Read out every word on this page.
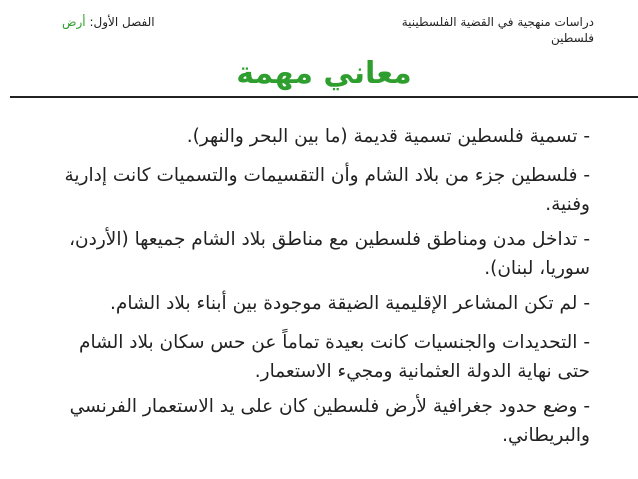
دراسات منهجية في القضية الفلسطينية فلسطين
الفصل الأول: أرض
معاني مهمة
- تسمية فلسطين تسمية قديمة (ما بين البحر والنهر).
- فلسطين جزء من بلاد الشام وأن التقسيمات والتسميات كانت إدارية وفنية.
- تداخل مدن ومناطق فلسطين مع مناطق بلاد الشام جميعها (الأردن، سوريا، لبنان).
- لم تكن المشاعر الإقليمية الضيقة موجودة بين أبناء بلاد الشام.
- التحديدات والجنسيات كانت بعيدة تماماً عن حس سكان بلاد الشام حتى نهاية الدولة العثمانية ومجيء الاستعمار.
- وضع حدود جغرافية لأرض فلسطين كان على يد الاستعمار الفرنسي والبريطاني.
